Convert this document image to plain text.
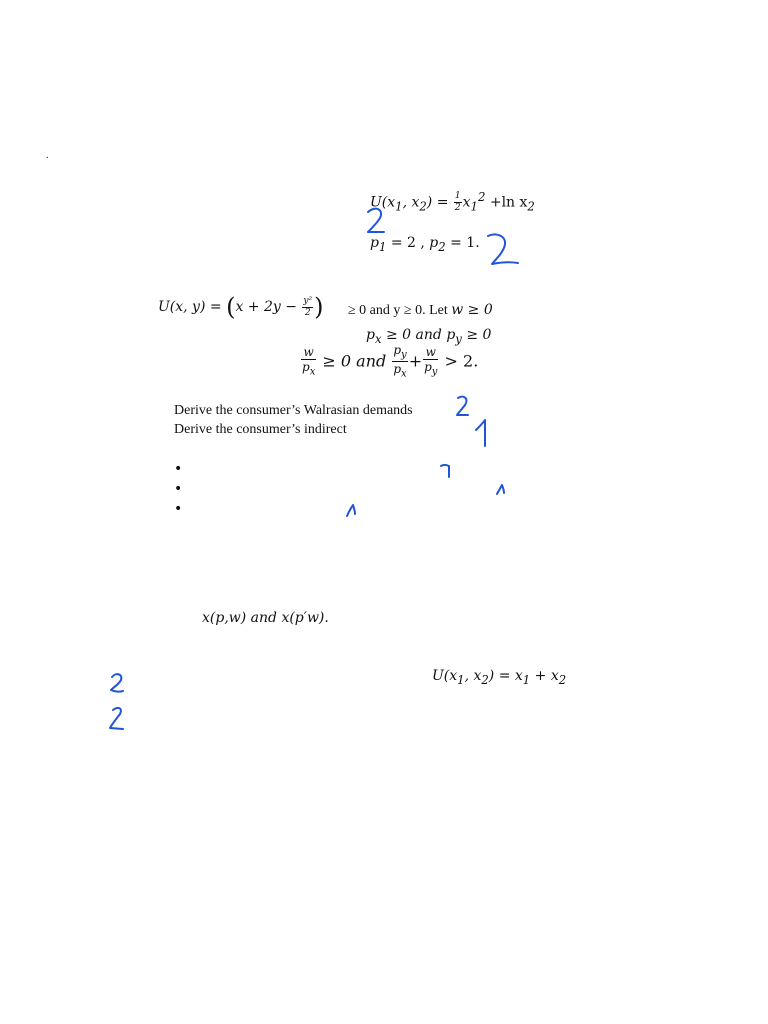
.
$U(x_1$, $x_2) = \frac{1}{2} x_1^2 +\ln$ $x_2$
$p_1 = 2$ , $p_2 = 1$.
U(x, $y) = (x + 2y - \frac{\text{y²}}{2}$ ) ≥ 0 and y ≥ 0. Let w ≥ 0
$p_x \ge 0$ and $p_y \ge 0$
$\frac{w}{p_x} \ge 0$ and $\frac{p_y}{p_x} + \frac{w}{p_y} > 2$.
Derive the consumer’s Walrasian demands
Derive the consumer’s indirect
•
•
•
x(p,w) and x(p′w).
$U(x_1$, $x_2) = x_1 + x_2$
